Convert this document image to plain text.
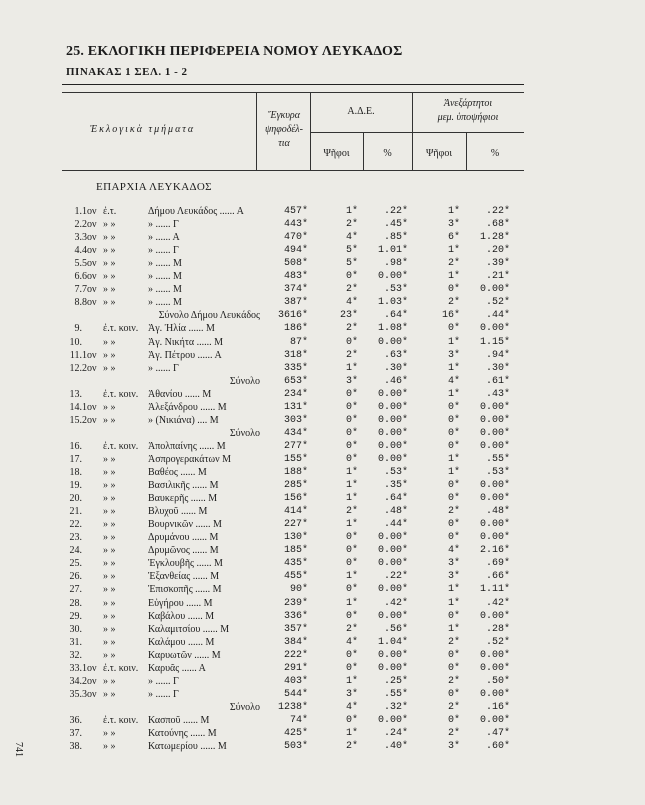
25. ΕΚΛΟΓΙΚΗ ΠΕΡΙΦΕΡΕΙΑ ΝΟΜΟΥ ΛΕΥΚΑΔΟΣ
ΠΙΝΑΚΑΣ 1 ΣΕΛ. 1 - 2
Ἐκλογικὰ τμήματα
Ἔγκυρα
ψηφοδέλ-
τια
Α.Δ.Ε.
Ἀνεξάρτητοι
μεμ. ὑποψήφιοι
Ψῆφοι	%	Ψῆφοι	%
ΕΠΑΡΧΙΑ ΛΕΥΚΑΔΟΣ
1. 1ον ἐ.τ.	Δήμου Λευκάδος ...... Α	457*	1*	.22*	1*	.22*
2. 2ον » »	» ...... Γ	443*	2*	.45*	3*	.68*
3. 3ον » »	» ...... Α	470*	4*	.85*	6*	1.28*
4. 4ον » »	» ...... Γ	494*	5*	1.01*	1*	.20*
5. 5ον » »	» ...... Μ	508*	5*	.98*	2*	.39*
6. 6ον » »	» ...... Μ	483*	0*	0.00*	1*	.21*
7. 7ον » »	» ...... Μ	374*	2*	.53*	0*	0.00*
8. 8ον » »	» ...... Μ	387*	4*	1.03*	2*	.52*
Σύνολο Δήμου Λευκάδος	3616*	23*	.64*	16*	.44*
9. ἐ.τ. κοιν. Ἁγ. Ἠλία ...... Μ	186*	2*	1.08*	0*	0.00*
10. » »	Ἁγ. Νικήτα ...... Μ	87*	0*	0.00*	1*	1.15*
11. 1ον » »	Ἁγ. Πέτρου ...... Α	318*	2*	.63*	3*	.94*
12. 2ον » »	» ...... Γ	335*	1*	.30*	1*	.30*
Σύνολο	653*	3*	.46*	4*	.61*
13. ἐ.τ. κοιν. Ἀθανίου ...... Μ	234*	0*	0.00*	1*	.43*
14. 1ον » »	Ἀλεξάνδρου ...... Μ	131*	0*	0.00*	0*	0.00*
15. 2ον » »	» (Νικιάνα) .... Μ	303*	0*	0.00*	0*	0.00*
Σύνολο	434*	0*	0.00*	0*	0.00*
16. ἐ.τ. κοιν. Ἀπολπαίνης ...... Μ	277*	0*	0.00*	0*	0.00*
17. » »	Ἀσπρογερακάτων Μ	155*	0*	0.00*	1*	.55*
18. » »	Βαθέος ...... Μ	188*	1*	.53*	1*	.53*
19. » »	Βασιλικῆς ...... Μ	285*	1*	.35*	0*	0.00*
20. » »	Βαυκερῆς ...... Μ	156*	1*	.64*	0*	0.00*
21. » »	Βλυχοῦ ...... Μ	414*	2*	.48*	2*	.48*
22. » »	Βουρνικῶν ...... Μ	227*	1*	.44*	0*	0.00*
23. » »	Δρυμάνου ...... Μ	130*	0*	0.00*	0*	0.00*
24. » »	Δρυμῶνος ...... Μ	185*	0*	0.00*	4*	2.16*
25. » »	Ἐγκλουβῆς ...... Μ	435*	0*	0.00*	3*	.69*
26. » »	Ἐξανθείας ...... Μ	455*	1*	.22*	3*	.66*
27. » »	Ἐπισκοπῆς ...... Μ	90*	0*	0.00*	1*	1.11*
28. » »	Εὐγήρου ...... Μ	239*	1*	.42*	1*	.42*
29. » »	Καβάλου ...... Μ	336*	0*	0.00*	0*	0.00*
30. » »	Καλαμιτσίου ...... Μ	357*	2*	.56*	1*	.28*
31. » »	Καλάμου ...... Μ	384*	4*	1.04*	2*	.52*
32. » »	Καρυωτῶν ...... Μ	222*	0*	0.00*	0*	0.00*
33. 1ον ἐ.τ. κοιν. Καρυᾶς ...... Α	291*	0*	0.00*	0*	0.00*
34. 2ον » »	» ...... Γ	403*	1*	.25*	2*	.50*
35. 3ον » »	» ...... Γ	544*	3*	.55*	0*	0.00*
Σύνολο	1238*	4*	.32*	2*	.16*
36. ἐ.τ. κοιν. Κασποῦ ...... Μ	74*	0*	0.00*	0*	0.00*
37. » »	Κατούνης ...... Μ	425*	1*	.24*	2*	.47*
38. » »	Κατωμερίου ...... Μ	503*	2*	.40*	3*	.60*
741
